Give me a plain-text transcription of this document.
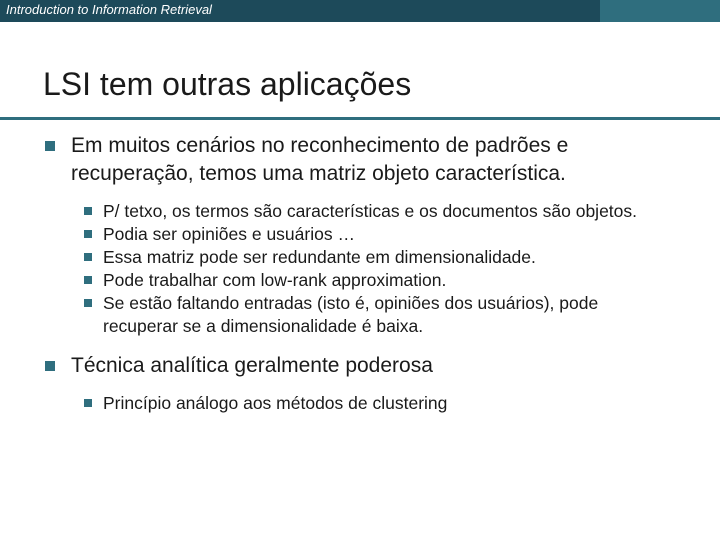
Introduction to Information Retrieval
LSI tem outras aplicações
Em muitos cenários no reconhecimento de padrões e recuperação, temos uma matriz objeto característica.
P/ tetxo, os termos são características e os documentos são objetos.
Podia ser opiniões e usuários …
Essa matriz pode ser redundante em dimensionalidade.
Pode trabalhar com low-rank approximation.
Se estão faltando entradas (isto é, opiniões dos usuários), pode recuperar se a dimensionalidade é baixa.
Técnica analítica geralmente poderosa
Princípio análogo aos métodos de clustering
